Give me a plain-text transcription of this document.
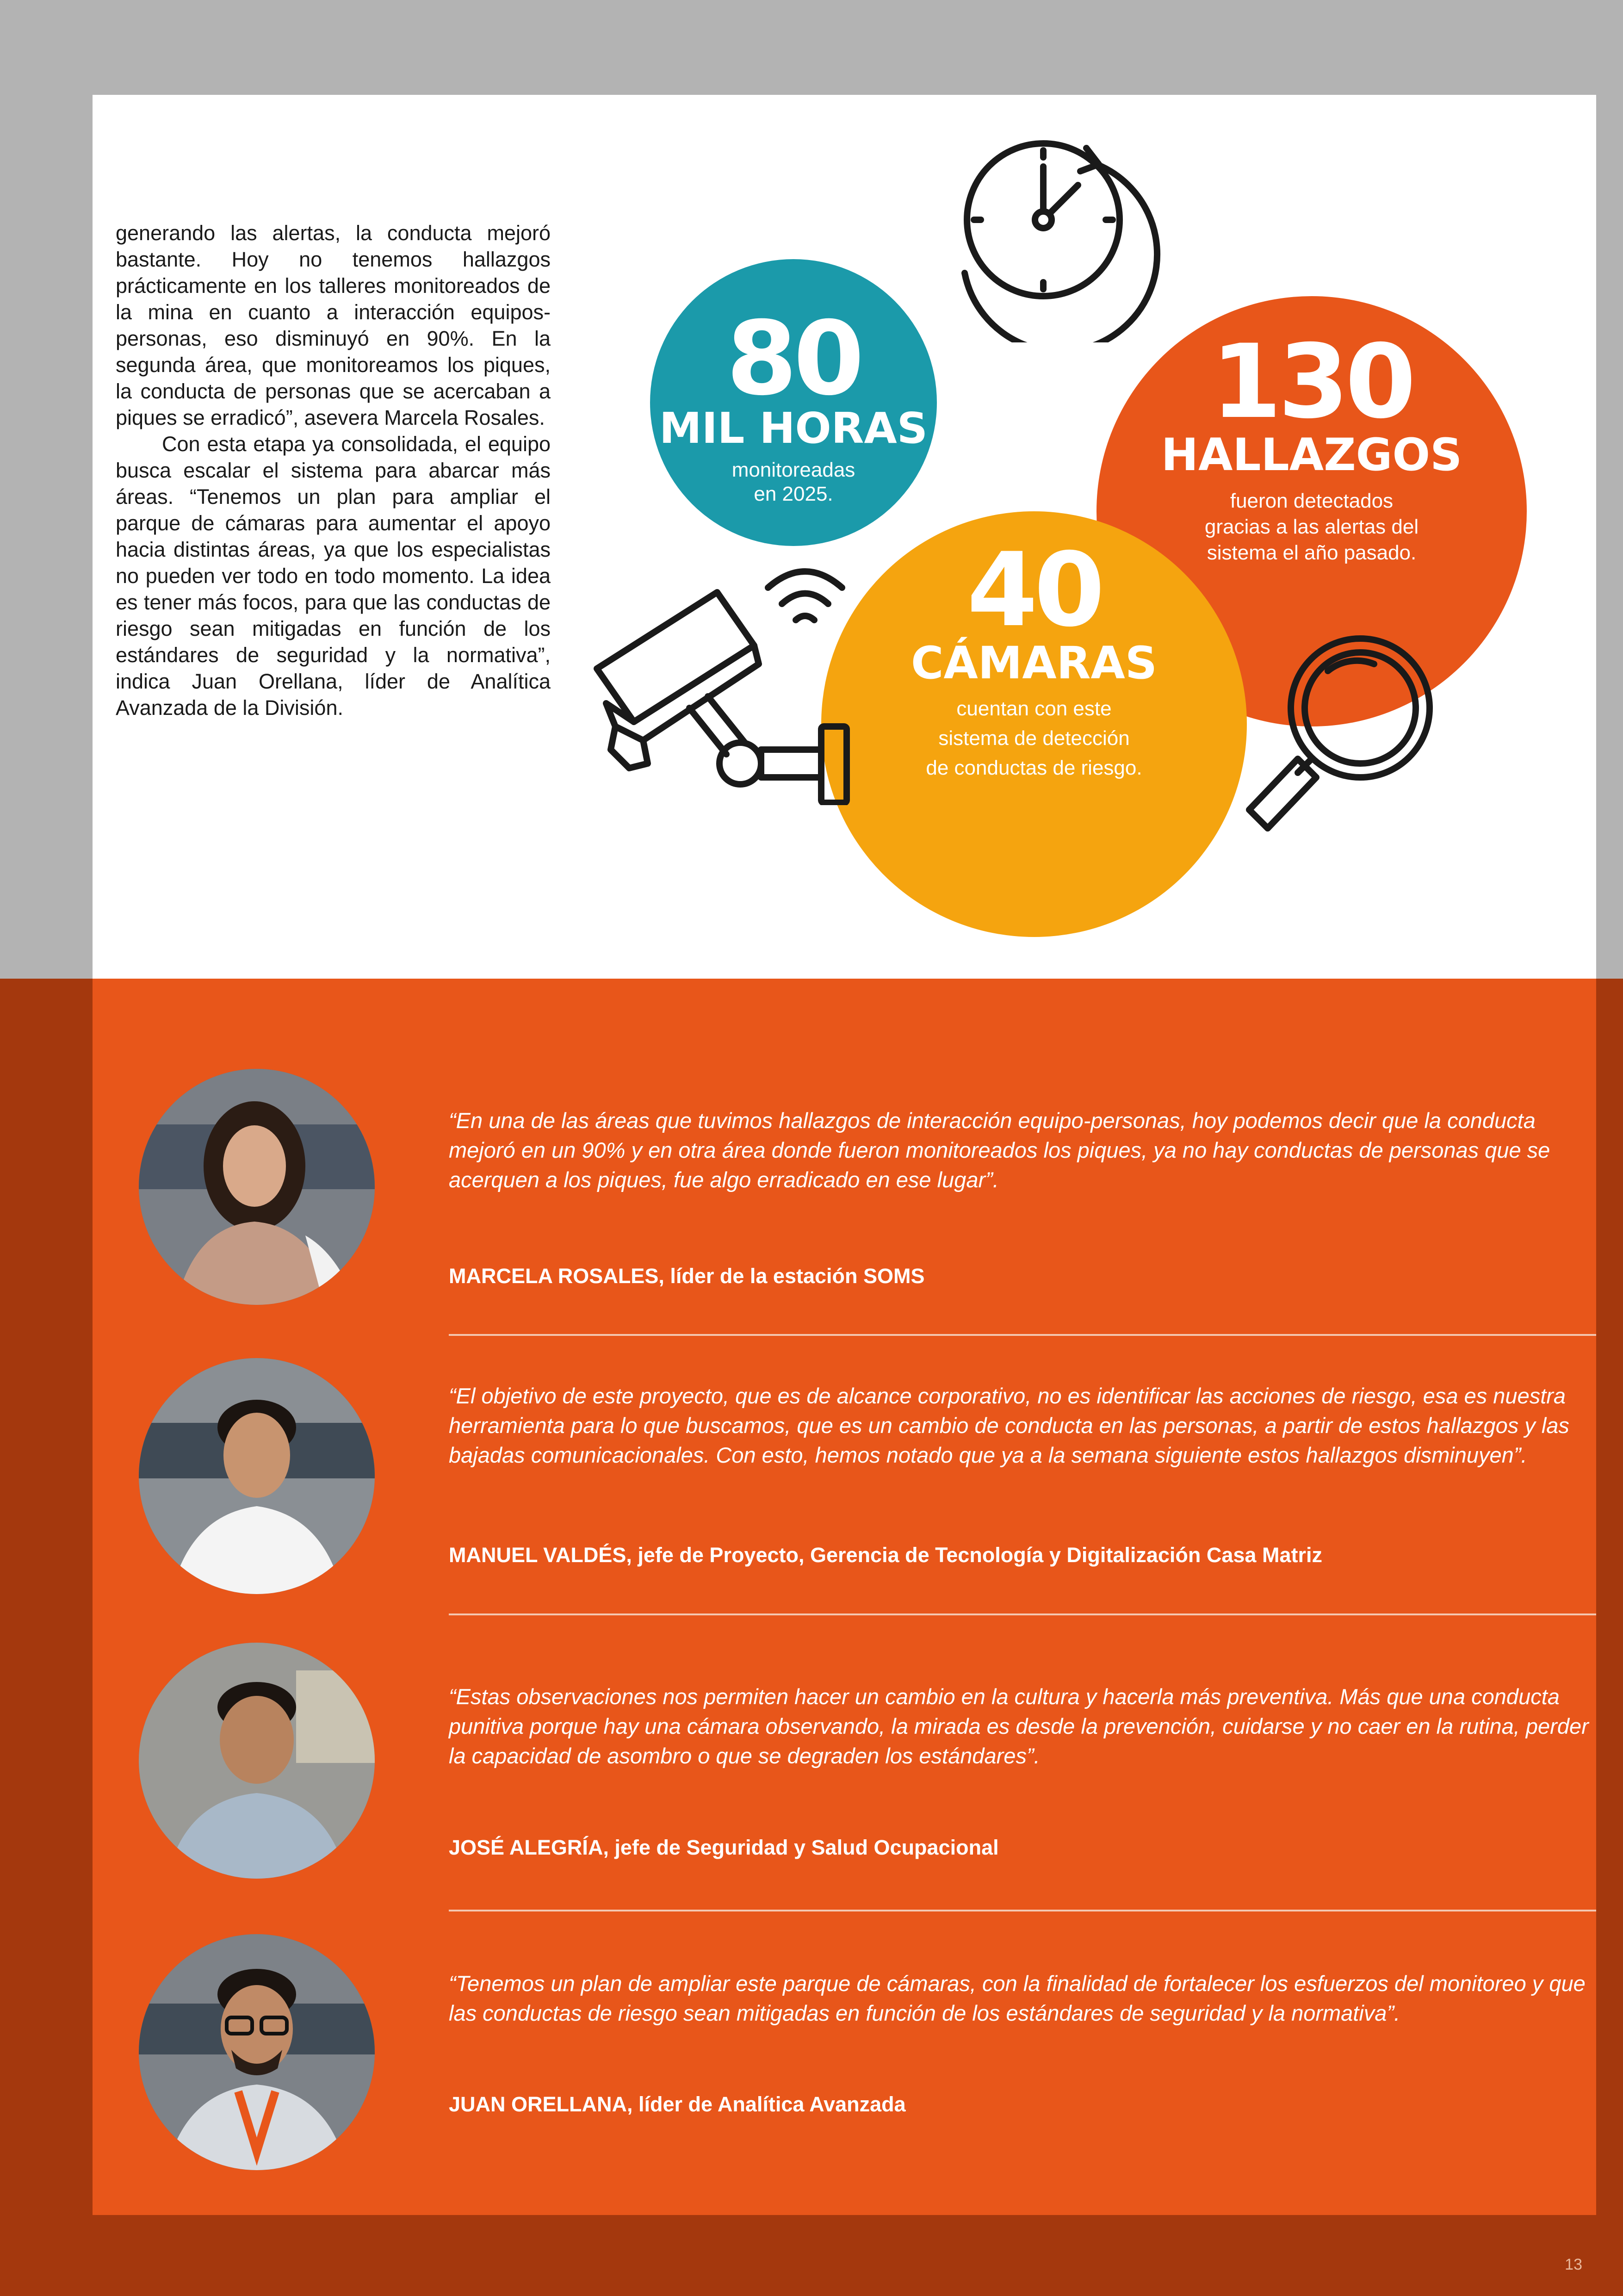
generando las alertas, la conducta mejoró bastante. Hoy no tenemos hallazgos prácticamente en los talleres monitoreados de la mina en cuanto a interacción equipos-personas, eso disminuyó en 90%. En la segunda área, que monitoreamos los piques, la conducta de personas que se acercaban a piques se erradicó”, asevera Marcela Rosales.

Con esta etapa ya consolidada, el equipo busca escalar el sistema para abarcar más áreas. “Tenemos un plan para ampliar el parque de cámaras para aumentar el apoyo hacia distintas áreas, ya que los especialistas no pueden ver todo en todo momento. La idea es tener más focos, para que las conductas de riesgo sean mitigadas en función de los estándares de seguridad y la normativa”, indica Juan Orellana, líder de Analítica Avanzada de la División.

80
MIL HORAS
monitoreadas
en 2025.
130
HALLAZGOS
fueron detectados
gracias a las alertas del
sistema el año pasado.
40
CÁMARAS
cuentan con este
sistema de detección
de conductas de riesgo.

“En una de las áreas que tuvimos hallazgos de interacción equipo-personas, hoy podemos decir que la conducta mejoró en un 90% y en otra área donde fueron monitoreados los piques, ya no hay conductas de personas que se acerquen a los piques, fue algo erradicado en ese lugar”.

MARCELA ROSALES, líder de la estación SOMS

“El objetivo de este proyecto, que es de alcance corporativo, no es identificar las acciones de riesgo, esa es nuestra herramienta para lo que buscamos, que es un cambio de conducta en las personas, a partir de estos hallazgos y las bajadas comunicacionales. Con esto, hemos notado que ya a la semana siguiente estos hallazgos disminuyen”.

MANUEL VALDÉS, jefe de Proyecto, Gerencia de Tecnología y Digitalización Casa Matriz

“Estas observaciones nos permiten hacer un cambio en la cultura y hacerla más preventiva. Más que una conducta punitiva porque hay una cámara observando, la mirada es desde la prevención, cuidarse y no caer en la rutina, perder la capacidad de asombro o que se degraden los estándares”.

JOSÉ ALEGRÍA, jefe de Seguridad y Salud Ocupacional

“Tenemos un plan de ampliar este parque de cámaras, con la finalidad de fortalecer los esfuerzos del monitoreo y que las conductas de riesgo sean mitigadas en función de los estándares de seguridad y la normativa”.

JUAN ORELLANA, líder de Analítica Avanzada

13
